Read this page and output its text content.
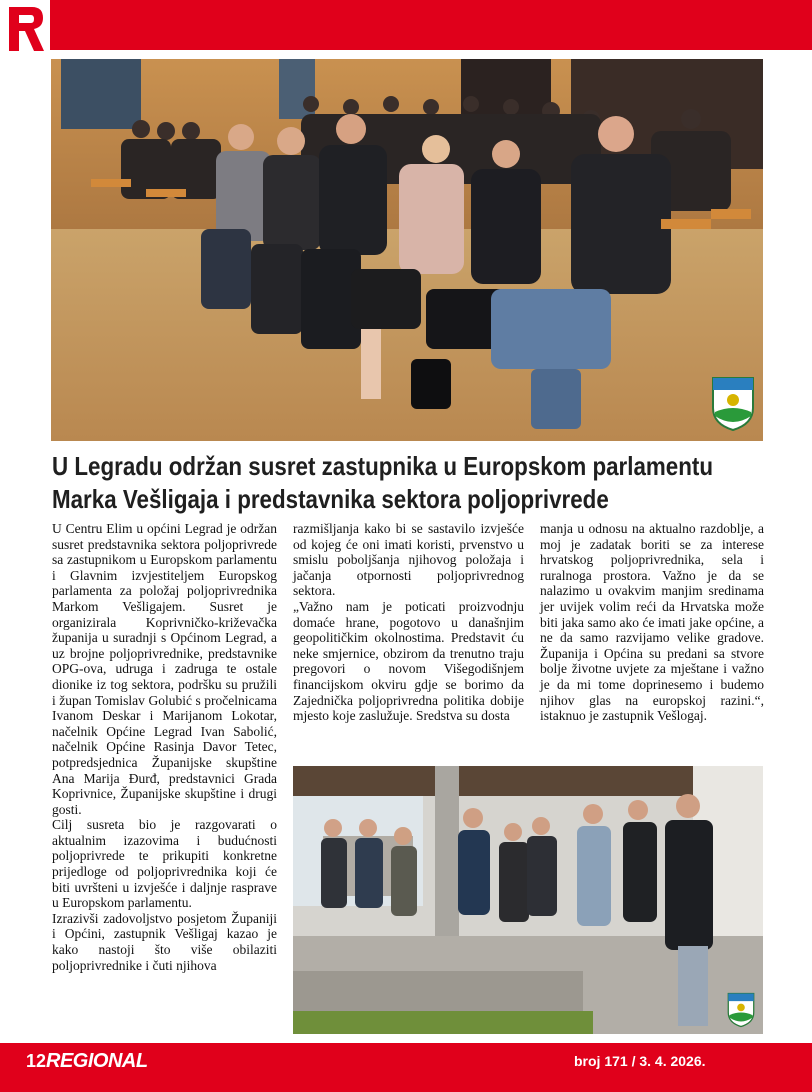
U Legradu održan susret zastupnika u Europskom parlamentu
Marka Vešligaja i predstavnika sektora poljoprivrede

U Centru Elim u općini Legrad je održan susret predstavnika sektora poljoprivrede sa zastupnikom u Europskom parlamentu i Glavnim izvjestiteljem Europskog parlamenta za položaj poljoprivrednika Markom Vešligajem. Susret je organizirala Koprivničko-križevačka županija u suradnji s Općinom Legrad, a uz brojne poljoprivrednike, predstavnike OPG-ova, udruga i zadruga te ostale dionike iz tog sektora, podršku su pružili i župan Tomislav Golubić s pročelnicama Ivanom Deskar i Marijanom Lokotar, načelnik Općine Legrad Ivan Sabolić, načelnik Općine Rasinja Davor Tetec, potpredsjednica Županijske skupštine Ana Marija Đurđ, predstavnici Grada Koprivnice, Županijske skupštine i drugi gosti.

Cilj susreta bio je razgovarati o aktualnim izazovima i budućnosti poljoprivrede te prikupiti konkretne prijedloge od poljoprivrednika koji će biti uvršteni u izvješće i daljnje rasprave u Europskom parlamentu.

Izrazivši zadovoljstvo posjetom Županiji i Općini, zastupnik Vešligaj kazao je kako nastoji što više obilaziti poljoprivrednike i čuti njihova

razmišljanja kako bi se sastavilo izvješće od kojeg će oni imati koristi, prvenstvo u smislu poboljšanja njihovog položaja i jačanja otpornosti poljoprivrednog sektora.

„Važno nam je poticati proizvodnju domaće hrane, pogotovo u današnjim geopolitičkim okolnostima. Predstavit ću neke smjernice, obzirom da trenutno traju pregovori o novom Višegodišnjem financijskom okviru gdje se borimo da Zajednička poljoprivredna politika dobije mjesto koje zaslužuje. Sredstva su dosta

manja u odnosu na aktualno razdoblje, a moj je zadatak boriti se za interese hrvatskog poljoprivrednika, sela i ruralnoga prostora. Važno je da se nalazimo u ovakvim manjim sredinama jer uvijek volim reći da Hrvatska može biti jaka samo ako će imati jake općine, a ne da samo razvijamo velike gradove. Županija i Općina su predani sa stvore bolje životne uvjete za mještane i važno je da mi tome doprinesemo i budemo njihov glas na europskoj razini.“, istaknuo je zastupnik Vešlogaj.

12 REGIONAL	broj 171 / 3. 4. 2026.
